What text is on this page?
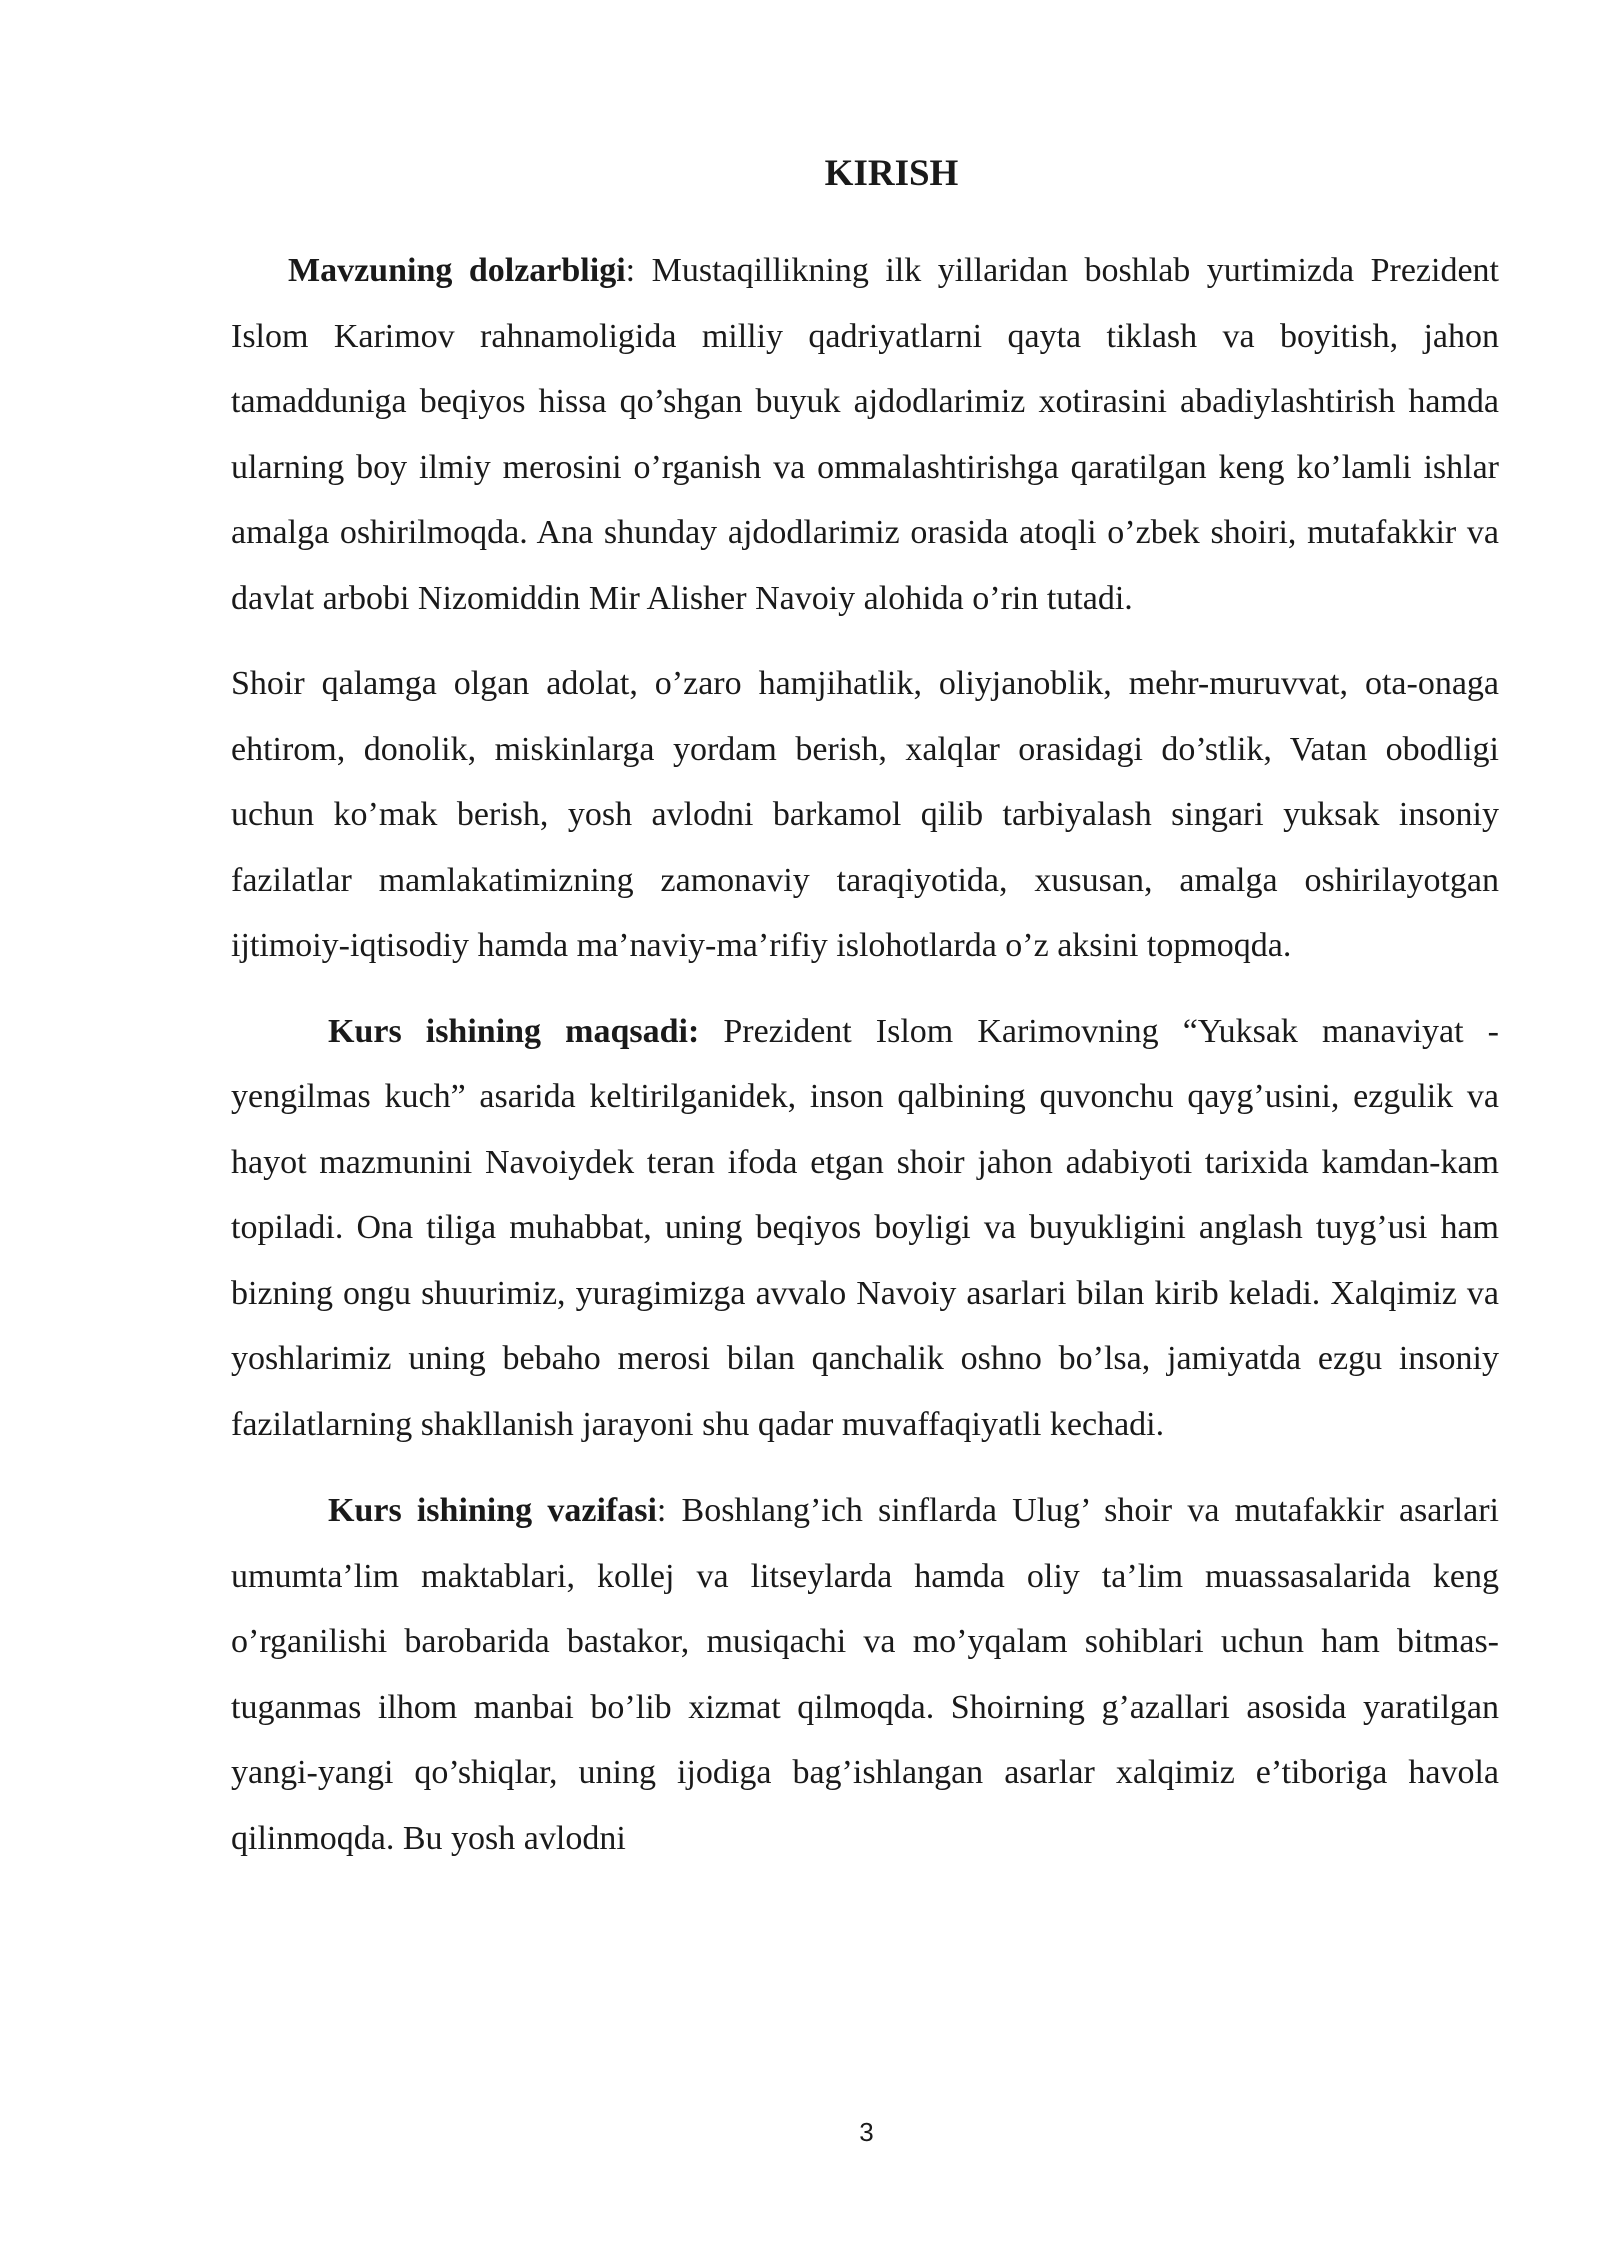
KIRISH

Mavzuning dolzarbligi: Mustaqillikning ilk yillaridan boshlab yurtimizda Prezident Islom Karimov rahnamoligida milliy qadriyatlarni qayta tiklash va boyitish, jahon tamadduniga beqiyos hissa qo’shgan buyuk ajdodlarimiz xotirasini abadiylashtirish hamda ularning boy ilmiy merosini o’rganish va ommalashtirishga qaratilgan keng ko’lamli ishlar amalga oshirilmoqda. Ana shunday ajdodlarimiz orasida atoqli o’zbek shoiri, mutafakkir va davlat arbobi Nizomiddin Mir Alisher Navoiy alohida o’rin tutadi.

Shoir qalamga olgan adolat, o’zaro hamjihatlik, oliyjanoblik, mehr-muruvvat, ota-onaga ehtirom, donolik, miskinlarga yordam berish, xalqlar orasidagi do’stlik, Vatan obodligi uchun ko’mak berish, yosh avlodni barkamol qilib tarbiyalash singari yuksak insoniy fazilatlar mamlakatimizning zamonaviy taraqiyotida, xususan, amalga oshirilayotgan ijtimoiy-iqtisodiy hamda ma’naviy-ma’rifiy islohotlarda o’z aksini topmoqda.

Kurs ishining maqsadi: Prezident Islom Karimovning “Yuksak manaviyat - yengilmas kuch” asarida keltirilganidek, inson qalbining quvonchu qayg’usini, ezgulik va hayot mazmunini Navoiydek teran ifoda etgan shoir jahon adabiyoti tarixida kamdan-kam topiladi. Ona tiliga muhabbat, uning beqiyos boyligi va buyukligini anglash tuyg’usi ham bizning ongu shuurimiz, yuragimizga avvalo Navoiy asarlari bilan kirib keladi. Xalqimiz va yoshlarimiz uning bebaho merosi bilan qanchalik oshno bo’lsa, jamiyatda ezgu insoniy fazilatlarning shakllanish jarayoni shu qadar muvaffaqiyatli kechadi.

Kurs ishining vazifasi: Boshlang’ich sinflarda Ulug’ shoir va mutafakkir asarlari umumta’lim maktablari, kollej va litseylarda hamda oliy ta’lim muassasalarida keng o’rganilishi barobarida bastakor, musiqachi va mo’yqalam sohiblari uchun ham bitmas-tuganmas ilhom manbai bo’lib xizmat qilmoqda. Shoirning g’azallari asosida yaratilgan yangi-yangi qo’shiqlar, uning ijodiga bag’ishlangan asarlar xalqimiz e’tiboriga havola qilinmoqda. Bu yosh avlodni

3
